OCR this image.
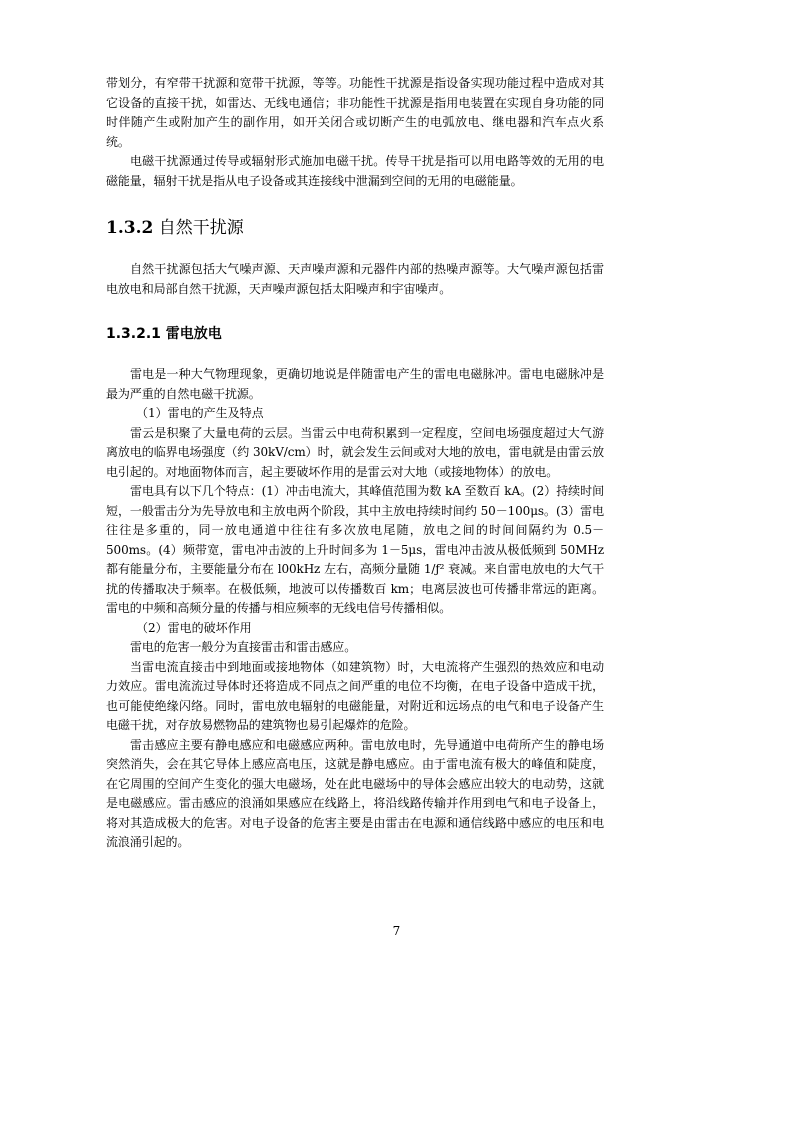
带划分，有窄带干扰源和宽带干扰源，等等。功能性干扰源是指设备实现功能过程中造成对其它设备的直接干扰，如雷达、无线电通信；非功能性干扰源是指用电装置在实现自身功能的同时伴随产生或附加产生的副作用，如开关闭合或切断产生的电弧放电、继电器和汽车点火系统。

电磁干扰源通过传导或辐射形式施加电磁干扰。传导干扰是指可以用电路等效的无用的电磁能量，辐射干扰是指从电子设备或其连接线中泄漏到空间的无用的电磁能量。

1.3.2 自然干扰源

自然干扰源包括大气噪声源、天声噪声源和元器件内部的热噪声源等。大气噪声源包括雷电放电和局部自然干扰源，天声噪声源包括太阳噪声和宇宙噪声。

1.3.2.1 雷电放电

雷电是一种大气物理现象，更确切地说是伴随雷电产生的雷电电磁脉冲。雷电电磁脉冲是最为严重的自然电磁干扰源。

（1）雷电的产生及特点

雷云是积聚了大量电荷的云层。当雷云中电荷积累到一定程度，空间电场强度超过大气游离放电的临界电场强度（约 30kV/cm）时，就会发生云间或对大地的放电，雷电就是由雷云放电引起的。对地面物体而言，起主要破坏作用的是雷云对大地（或接地物体）的放电。

雷电具有以下几个特点：(1）冲击电流大，其峰值范围为数 kA 至数百 kA。(2）持续时间短，一般雷击分为先导放电和主放电两个阶段，其中主放电持续时间约 50－100μs。(3）雷电往往是多重的，同一放电通道中往往有多次放电尾随，放电之间的时间间隔约为 0.5－500ms。(4）频带宽，雷电冲击波的上升时间多为 1－5μs，雷电冲击波从极低频到 50MHz 都有能量分布，主要能量分布在 l00kHz 左右，高频分量随 1/ƒ² 衰减。来自雷电放电的大气干扰的传播取决于频率。在极低频，地波可以传播数百 km；电离层波也可传播非常远的距离。雷电的中频和高频分量的传播与相应频率的无线电信号传播相似。

（2）雷电的破坏作用

雷电的危害一般分为直接雷击和雷击感应。

当雷电流直接击中到地面或接地物体（如建筑物）时，大电流将产生强烈的热效应和电动力效应。雷电流流过导体时还将造成不同点之间严重的电位不均衡，在电子设备中造成干扰，也可能使绝缘闪络。同时，雷电放电辐射的电磁能量，对附近和远场点的电气和电子设备产生电磁干扰，对存放易燃物品的建筑物也易引起爆炸的危险。

雷击感应主要有静电感应和电磁感应两种。雷电放电时，先导通道中电荷所产生的静电场突然消失，会在其它导体上感应高电压，这就是静电感应。由于雷电流有极大的峰值和陡度，在它周围的空间产生变化的强大电磁场，处在此电磁场中的导体会感应出较大的电动势，这就是电磁感应。雷击感应的浪涌如果感应在线路上，将沿线路传输并作用到电气和电子设备上，将对其造成极大的危害。对电子设备的危害主要是由雷击在电源和通信线路中感应的电压和电流浪涌引起的。

7
